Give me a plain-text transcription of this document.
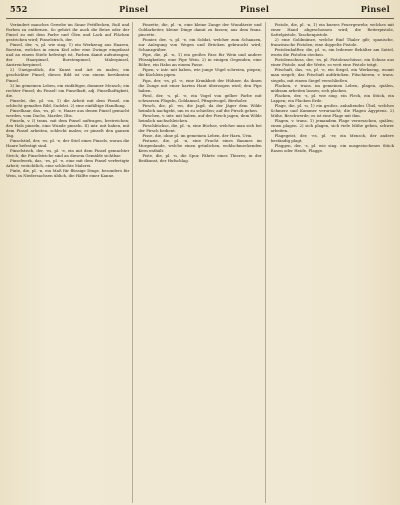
552	Pinsel	Pinsel	Pinsel

Verändert manches Gewebe im Sinne Fettflecken, Ruß und Farben zu entfernen. So gehört ihr auch die Beize oder der Pinsel zu mit dem Farbe und Ölen und Lack auf Flächen gestrichen wird; Pinselstrich, der.

Pinsel, der, -s, pl. wie sing. 1) ein Werkzeug aus Haaren, Borsten, welches in einen Kiel oder eine Zwinge eingefasst und an einem Stiele befestigt ist, Farben damit aufzutragen; der Haarpinsel, Borstenpinsel, Malerpinsel, Anstreicherpinsel.

2) Uneigentlich, die Kunst und Art zu malen; ein geschickter Pinsel; dieses Bild ist von einem berühmten Pinsel.

3) Im gemeinen Leben, ein einfältiger, dummer Mensch; ein rechter Pinsel; du Pinsel! ein Pinselhaft, adj. Pinselhaftigkeit, die.

Pinselei, die, pl. -en, 1) die Arbeit mit dem Pinsel, ein schlecht gemaltes Bild, Sudelei. 2) eine einfältige Handlung.

Pinselhaar, das, -es, pl. -e, Haare aus denen Pinsel gemacht werden, vom Dachs, Marder, Iltis.

Pinseln, v. I) trans. mit dem Pinsel auftragen, bestreichen; den Hals pinseln, eine Wunde pinseln. II) intr. mit haben, mit dem Pinsel arbeiten, schlecht malen; er pinselt den ganzen Tag.

Pinselstiel, der, -es, pl. -e, der Stiel eines Pinsels, woran die Haare befestigt sind.

Pinselstrich, der, -es, pl. -e, ein mit dem Pinsel gemachter Strich; die Pinselstriche sind an diesem Gemälde sichtbar.

Pinselwerk, das, -es, pl. -e, eine mit dem Pinsel verfertigte Arbeit; verächtlich, eine schlechte Malerei.

Pinte, die, pl. -n, ein Maß für flüssige Dinge, besonders für Wein, in Niedersachsen üblich, die Hälfte einer Kanne.

Pinzette, die, pl. -n, eine kleine Zange der Wundärzte und Goldarbeiter, kleine Dinge damit zu fassen; aus dem franz. pincette.

Pionier, der, -s, pl. -e, ein Soldat, welcher zum Schanzen, zur Anlegung von Wegen und Brücken gebraucht wird; Schanzgräber.

Pipe, die, pl. -n, 1) ein großes Fass für Wein und andere Flüssigkeiten; eine Pipe Wein. 2) in einigen Gegenden, eine Röhre, ein Hahn an einem Fasse.

Pipen, v. intr. mit haben, wie junge Vögel schreien, piepen; die Küchlein pipen.

Pips, der, -es, pl. -e, eine Krankheit der Hühner, da ihnen die Zunge mit einer harten Haut überzogen wird; den Pips haben.

Pirol, der, -s, pl. -e, ein Vogel von gelber Farbe mit schwarzen Flügeln, Goldamsel, Pfingstvogel, Bierholer.

Pirsch, die, pl. -en, die Jagd, da der Jäger dem Wilde heimlich nachgeht, um es zu schießen; auf die Pirsch gehen.

Pirschen, v. intr. mit haben, auf der Pirsch jagen, dem Wilde heimlich nachschleichen.

Pirschbüchse, die, pl. -n, eine Büchse, welcher man sich bei der Pirsch bedient.

Pisse, die, ohne pl. im gemeinen Leben, der Harn, Urin.

Pistazie, die, pl. -n, eine Frucht eines Baumes im Morgenlande, welche einen grünlichen, wohlschmeckenden Kern enthält.

Piste, die, pl. -n, die Spur, Fährte eines Thieres; in der Reitkunst, der Hufschlag.

Pistole, die, pl. -n, 1) ein kurzes Feuergewehr, welches mit einer Hand abgeschossen wird; die Reiterpistole, Sattelpistole, Taschenpistole.

2) eine Goldmünze, welche fünf Thaler gilt; spanische, französische Pistolen; eine doppelte Pistole.

Pistolenhalfter, die, pl. -n, ein lederner Behälter am Sattel, worin die Pistolen stecken.

Pistolenschuss, der, -es, pl. Pistolenschüsse, ein Schuss aus einer Pistole, und die Weite, so weit eine Pistole trägt.

Pitschaft, das, -es, pl. -e, ein Siegel, ein Werkzeug, womit man siegelt; das Pitschaft aufdrücken. Pitschieren, v. trans. siegeln, mit einem Siegel verschließen.

Placken, v. trans. im gemeinen Leben, plagen, quälen, mühsam arbeiten lassen; sich placken.

Placken, der, -s, pl. wie sing. ein Fleck, ein Stück, ein Lappen; ein Placken Erde.

Plage, die, pl. -n, 1) ein großes, anhaltendes Übel, welches Schmerz und Kummer verursacht; die Plagen Ägyptens. 2) Mühe, Beschwerde; es ist eine Plage mit ihm.

Plagen, v. trans. 1) jemandem Plage verursachen, quälen; einen plagen. 2) sich plagen, sich viele Mühe geben, schwer arbeiten.

Plagegeist, der, -es, pl. -er, ein Mensch, der andere beständig plagt.

Plaggen, der, -s, pl. wie sing. ein ausgestochenes Stück Rasen oder Heide, Plagge.
